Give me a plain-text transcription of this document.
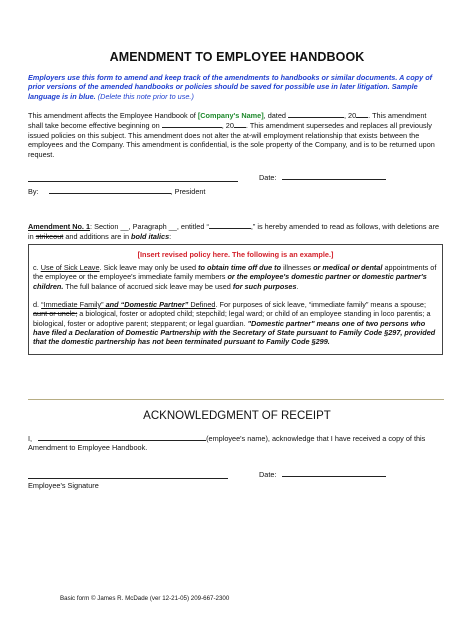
AMENDMENT TO EMPLOYEE HANDBOOK
Employers use this form to amend and keep track of the amendments to handbooks or similar documents. A copy of prior versions of the amended handbooks or policies should be saved for possible use in later litigation. Sample language is in blue. (Delete this note prior to use.)
This amendment affects the Employee Handbook of [Company's Name], dated	, 20 . This amendment shall take become effective beginning on	, 20 . This amendment supersedes and replaces all previously issued policies on this subject. This amendment does not alter the at-will employment relationship that exists between the employees and the Company. This amendment is confidential, is the sole property of the Company, and is to be returned upon request.
Date:
By:	, President
Amendment No. 1: Section __, Paragraph __, entitled “	,” is hereby amended to read as follows, with deletions are in strikeout and additions are in bold italics:
[Insert revised policy here. The following is an example.]
c. Use of Sick Leave. Sick leave may only be used to obtain time off due to illnesses or medical or dental appointments of the employee or the employee's immediate family members or the employee's domestic partner or domestic partner's children. The full balance of accrued sick leave may be used for such purposes.
d. “Immediate Family” and “Domestic Partner” Defined. For purposes of sick leave, “immediate family” means a spouse; aunt or uncle; a biological, foster or adopted child; stepchild; legal ward; or child of an employee standing in loco parentis; a biological, foster or adoptive parent; stepparent; or legal guardian. "Domestic partner" means one of two persons who have filed a Declaration of Domestic Partnership with the Secretary of State pursuant to Family Code §297, provided that the domestic partnership has not been terminated pursuant to Family Code §299.
ACKNOWLEDGMENT OF RECEIPT
I,	(employee's name), acknowledge that I have received a copy of this Amendment to Employee Handbook.
Date:
Employee's Signature
Basic form © James R. McDade (ver 12-21-05) 209-667-2300
